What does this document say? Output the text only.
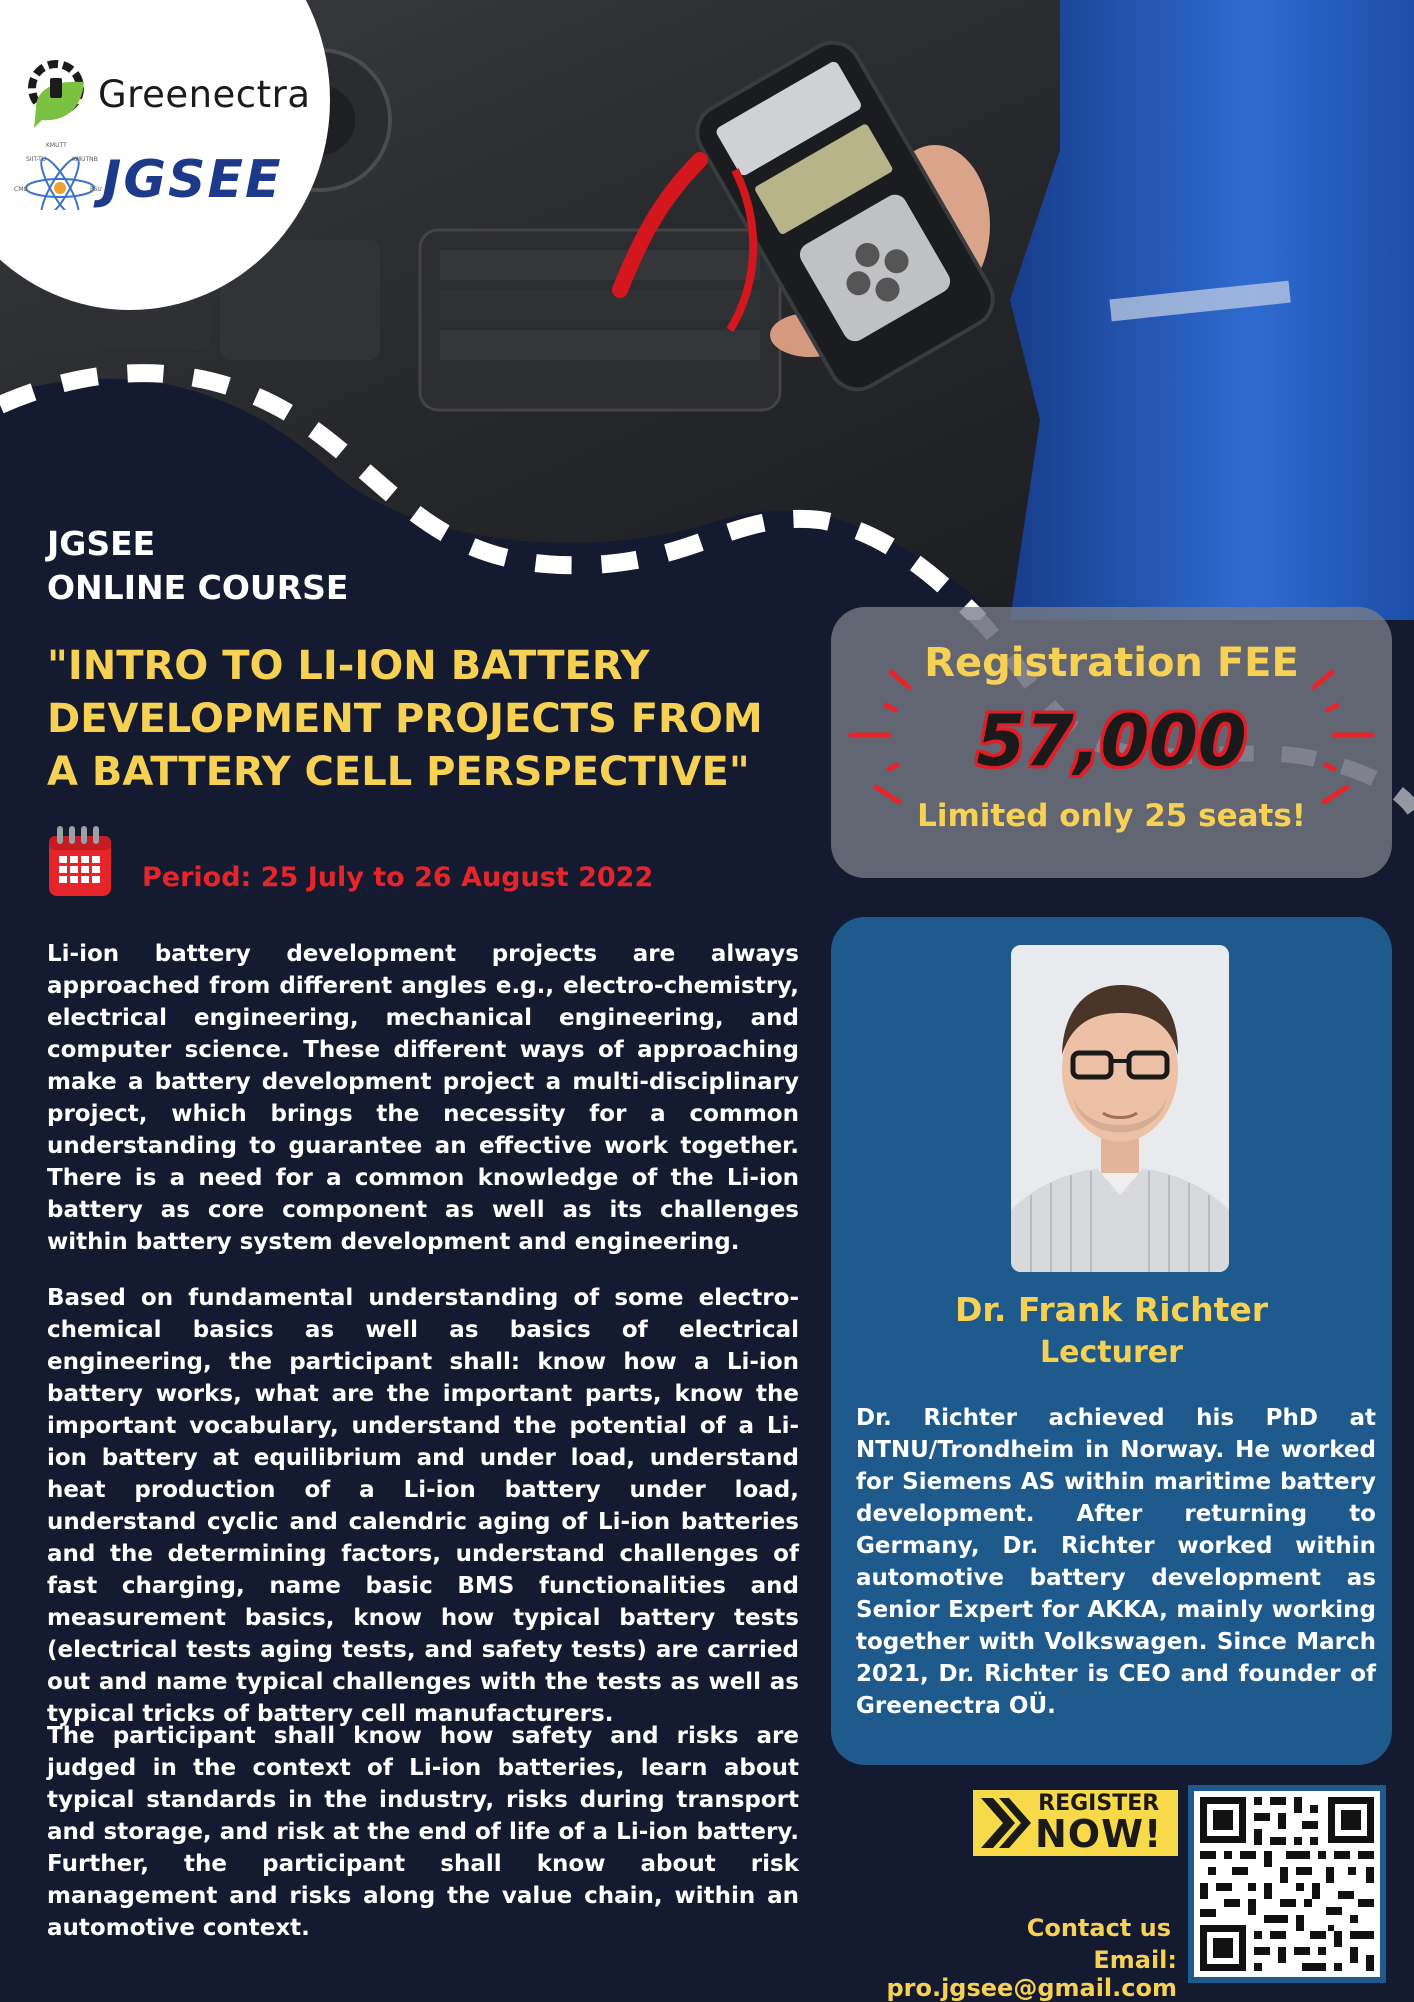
Greenectra
KMUTT
KMUTNB
SIIT-TU
CMU	PSU JGSEE
JGSEE
ONLINE COURSE
"INTRO TO LI-ION BATTERY
DEVELOPMENT PROJECTS FROM
A BATTERY CELL PERSPECTIVE"
Period: 25 July to 26 August 2022
Li-ion battery development projects are always approached from different angles e.g., electro-chemistry, electrical engineering, mechanical engineering, and computer science. These different ways of approaching make a battery development project a multi-disciplinary project, which brings the necessity for a common understanding to guarantee an effective work together. There is a need for a common knowledge of the Li-ion battery as core component as well as its challenges within battery system development and engineering.
Based on fundamental understanding of some electro-chemical basics as well as basics of electrical engineering, the participant shall: know how a Li-ion battery works, what are the important parts, know the important vocabulary, understand the potential of a Li-ion battery at equilibrium and under load, understand heat production of a Li-ion battery under load, understand cyclic and calendric aging of Li-ion batteries and the determining factors, understand challenges of fast charging, name basic BMS functionalities and measurement basics, know how typical battery tests (electrical tests aging tests, and safety tests) are carried out and name typical challenges with the tests as well as typical tricks of battery cell manufacturers.
The participant shall know how safety and risks are judged in the context of Li-ion batteries, learn about typical standards in the industry, risks during transport and storage, and risk at the end of life of a Li-ion battery. Further, the participant shall know about risk management and risks along the value chain, within an automotive context.
Registration FEE
57,000
Limited only 25 seats!
Dr. Frank Richter
Lecturer
Dr. Richter achieved his PhD at NTNU/Trondheim in Norway. He worked for Siemens AS within maritime battery development. After returning to Germany, Dr. Richter worked within automotive battery development as Senior Expert for AKKA, mainly working together with Volkswagen. Since March 2021, Dr. Richter is CEO and founder of Greenectra OÜ.
REGISTER
NOW!
Contact us
Email: pro.jgsee@gmail.com
